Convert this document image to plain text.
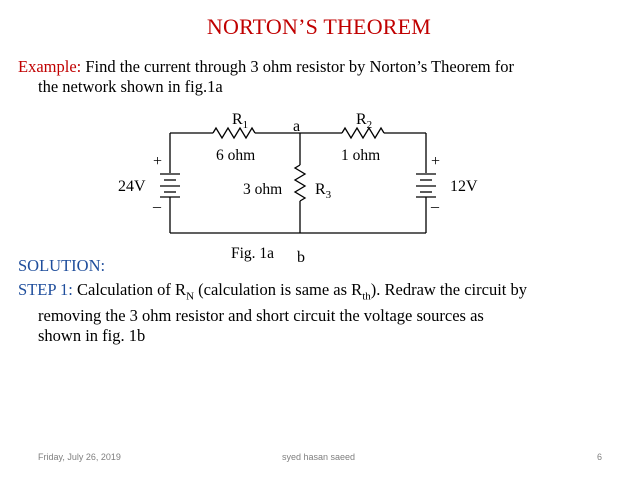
NORTON’S THEOREM
Example: Find the current through 3 ohm resistor by Norton’s Theorem for
the network shown in fig.1a
$R_1$
6 ohm
$R_2$
1 ohm
a
3 ohm $R_3$
b
Fig. 1a
24V	12V
+
_
+
_
SOLUTION:
STEP 1: Calculation of $R_N$ (calculation is same as $R_{th}$). Redraw the circuit by
removing the 3 ohm resistor and short circuit the voltage sources as
shown in fig. 1b
Friday, July 26, 2019	syed hasan saeed	6
